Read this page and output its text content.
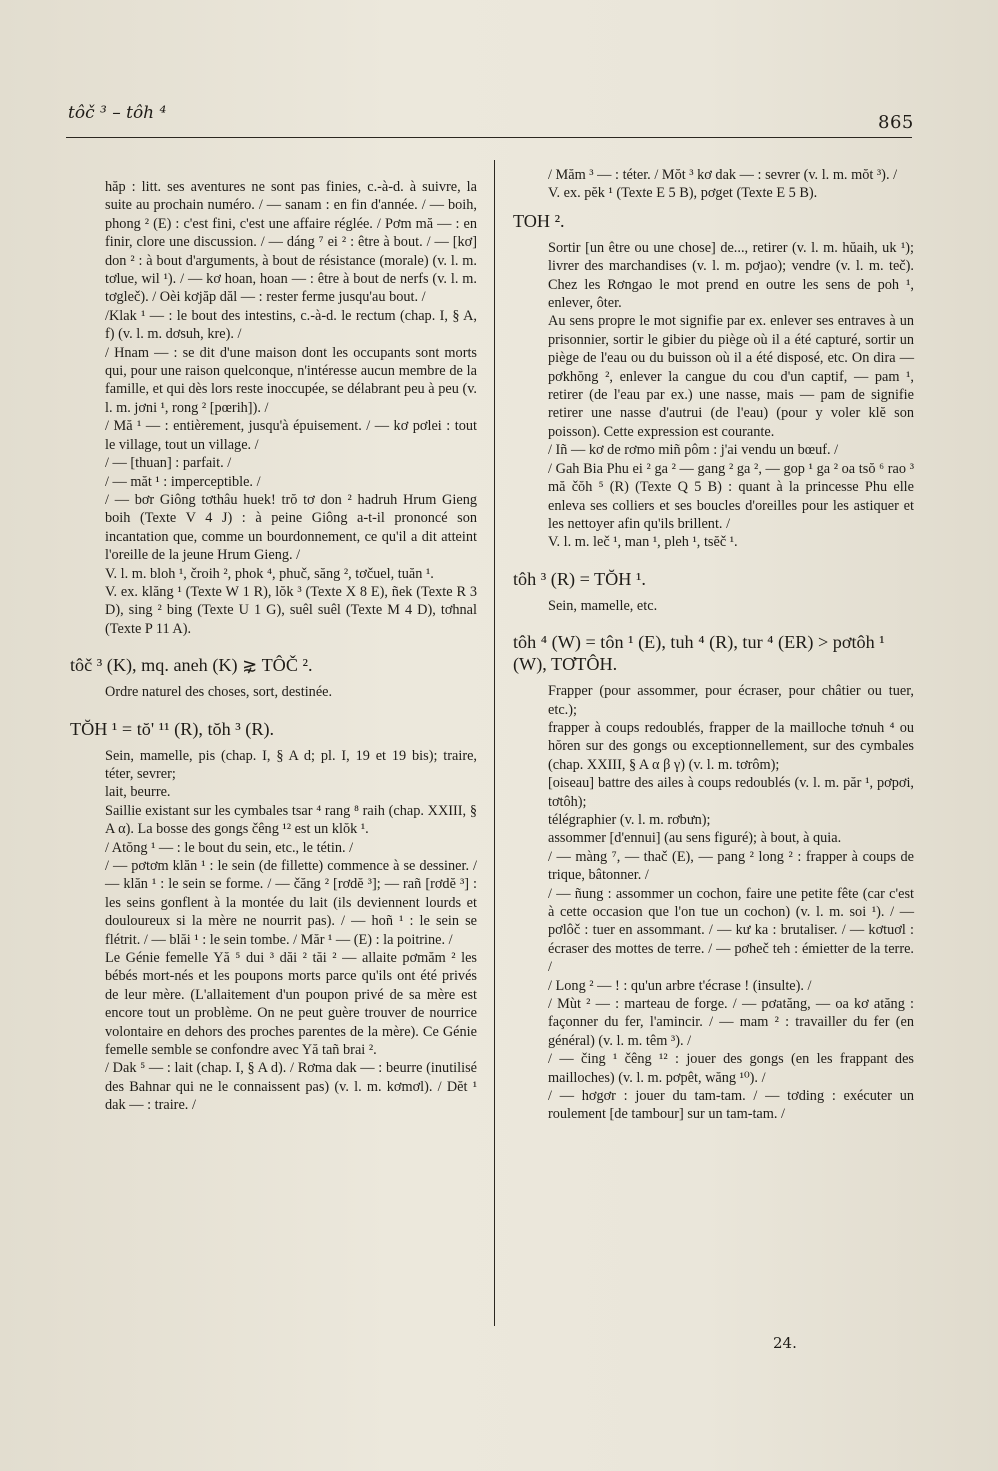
tôč ³ – tôh ⁴	865

hăp : litt. ses aventures ne sont pas finies, c.-à-d. à suivre, la suite au prochain numéro. / — sanam : en fin d'année. / — boih, phong ² (E) : c'est fini, c'est une affaire réglée. / Pơm mă — : en finir, clore une discussion. / — dáng ⁷ ei ² : être à bout. / — [kơ] don ² : à bout d'arguments, à bout de résistance (morale) (v. l. m. tơlue, wil ¹). / — kơ hoan, hoan — : être à bout de nerfs (v. l. m. tơgleč). / Oèi kơjăp dăl — : rester ferme jusqu'au bout. /

/Klak ¹ — : le bout des intestins, c.-à-d. le rectum (chap. I, § A, f) (v. l. m. dơsuh, kre). /

/ Hnam — : se dit d'une maison dont les occupants sont morts qui, pour une raison quelconque, n'intéresse aucun membre de la famille, et qui dès lors reste inoccupée, se délabrant peu à peu (v. l. m. jơni ¹, rong ² [pœrih]). /

/ Mă ¹ — : entièrement, jusqu'à épuisement. / — kơ pơlei : tout le village, tout un village. /

/ — [thuan] : parfait. /

/ — măt ¹ : imperceptible. /

/ — bơr Giông tơthâu huek! trŏ tơ don ² hadruh Hrum Gieng boih (Texte V 4 J) : à peine Giông a-t-il prononcé son incantation que, comme un bourdonnement, ce qu'il a dit atteint l'oreille de la jeune Hrum Gieng. /

V. l. m. bloh ¹, čroih ², phok ⁴, phuč, săng ², tơčuel, tuăn ¹.

V. ex. klăng ¹ (Texte W 1 R), lŏk ³ (Texte X 8 E), ñek (Texte R 3 D), sing ² bing (Texte U 1 G), suêl suêl (Texte M 4 D), tơhnal (Texte P 11 A).

tôč ³ (K), mq. aneh (K) ⋧ TÔČ ².

Ordre naturel des choses, sort, destinée.

TŎH ¹ = tŏ' ¹¹ (R), tŏh ³ (R).

Sein, mamelle, pis (chap. I, § A d; pl. I, 19 et 19 bis); traire, téter, sevrer;

lait, beurre.

Saillie existant sur les cymbales tsar ⁴ rang ⁸ raih (chap. XXIII, § A α). La bosse des gongs čêng ¹² est un klŏk ¹.

/ Atŏng ¹ — : le bout du sein, etc., le tétin. /

/ — pơtơm klăn ¹ : le sein (de fillette) commence à se dessiner. / — klăn ¹ : le sein se forme. / — čăng ² [rơdĕ ³]; — rañ [rơdĕ ³] : les seins gonflent à la montée du lait (ils deviennent lourds et douloureux si la mère ne nourrit pas). / — hoñ ¹ : le sein se flétrit. / — blăi ¹ : le sein tombe. / Măr ¹ — (E) : la poitrine. /

Le Génie femelle Yă ⁵ dui ³ dăi ² tăi ² — allaite pơmăm ² les bébés mort-nés et les poupons morts parce qu'ils ont été privés de leur mère. (L'allaitement d'un poupon privé de sa mère est encore tout un problème. On ne peut guère trouver de nourrice volontaire en dehors des proches parentes de la mère). Ce Génie femelle semble se confondre avec Yă tañ brai ².

/ Dak ⁵ — : lait (chap. I, § A d). / Rơma dak — : beurre (inutilisé des Bahnar qui ne le connaissent pas) (v. l. m. kơmơl). / Dĕt ¹ dak — : traire. /

/ Măm ³ — : téter. / Mŏt ³ kơ dak — : sevrer (v. l. m. mŏt ³). /

V. ex. pĕk ¹ (Texte E 5 B), pơget (Texte E 5 B).

TOH ².

Sortir [un être ou une chose] de..., retirer (v. l. m. hŭaih, uk ¹); livrer des marchandises (v. l. m. pơjao); vendre (v. l. m. teč). Chez les Rơngao le mot prend en outre les sens de poh ¹, enlever, ôter.

Au sens propre le mot signifie par ex. enlever ses entraves à un prisonnier, sortir le gibier du piège où il a été capturé, sortir un piège de l'eau ou du buisson où il a été disposé, etc. On dira — pơkhŏng ², enlever la cangue du cou d'un captif, — pam ¹, retirer (de l'eau par ex.) une nasse, mais — pam de signifie retirer une nasse d'autrui (de l'eau) (pour y voler klĕ son poisson). Cette expression est courante.

/ Iñ — kơ de rơmo miñ pôm : j'ai vendu un bœuf. /

/ Gah Bia Phu ei ² ga ² — gang ² ga ², — gop ¹ ga ² oa tsŏ ⁶ rao ³ mă čŏh ⁵ (R) (Texte Q 5 B) : quant à la princesse Phu elle enleva ses colliers et ses boucles d'oreilles pour les astiquer et les nettoyer afin qu'ils brillent. /

V. l. m. leč ¹, man ¹, pleh ¹, tsĕč ¹.

tôh ³ (R) = TŎH ¹.

Sein, mamelle, etc.

tôh ⁴ (W) = tôn ¹ (E), tuh ⁴ (R), tur ⁴ (ER) > pơtôh ¹ (W), TƠTÔH.

Frapper (pour assommer, pour écraser, pour châtier ou tuer, etc.);

frapper à coups redoublés, frapper de la mailloche tơnuh ⁴ ou hŏren sur des gongs ou exceptionnellement, sur des cymbales (chap. XXIII, § A α β γ) (v. l. m. tơrôm);

[oiseau] battre des ailes à coups redoublés (v. l. m. păr ¹, pơpơi, tơtôh);

télégraphier (v. l. m. rơbưn);

assommer [d'ennui] (au sens figuré); à bout, à quia.

/ — màng ⁷, — thač (E), — pang ² long ² : frapper à coups de trique, bâtonner. /

/ — ñung : assommer un cochon, faire une petite fête (car c'est à cette occasion que l'on tue un cochon) (v. l. m. soi ¹). / — pơlôč : tuer en assommant. / — kư ka : brutaliser. / — kơtuơl : écraser des mottes de terre. / — pơheč teh : émietter de la terre. /

/ Long ² — ! : qu'un arbre t'écrase ! (insulte). /

/ Mùt ² — : marteau de forge. / — pơatăng, — oa kơ atăng : façonner du fer, l'amincir. / — mam ² : travailler du fer (en général) (v. l. m. têm ³). /

/ — čing ¹ čêng ¹² : jouer des gongs (en les frappant des mailloches) (v. l. m. pơpêt, wăng ¹⁰). /

/ — hơgơr : jouer du tam-tam. / — tơding : exécuter un roulement [de tambour] sur un tam-tam. /

24.
